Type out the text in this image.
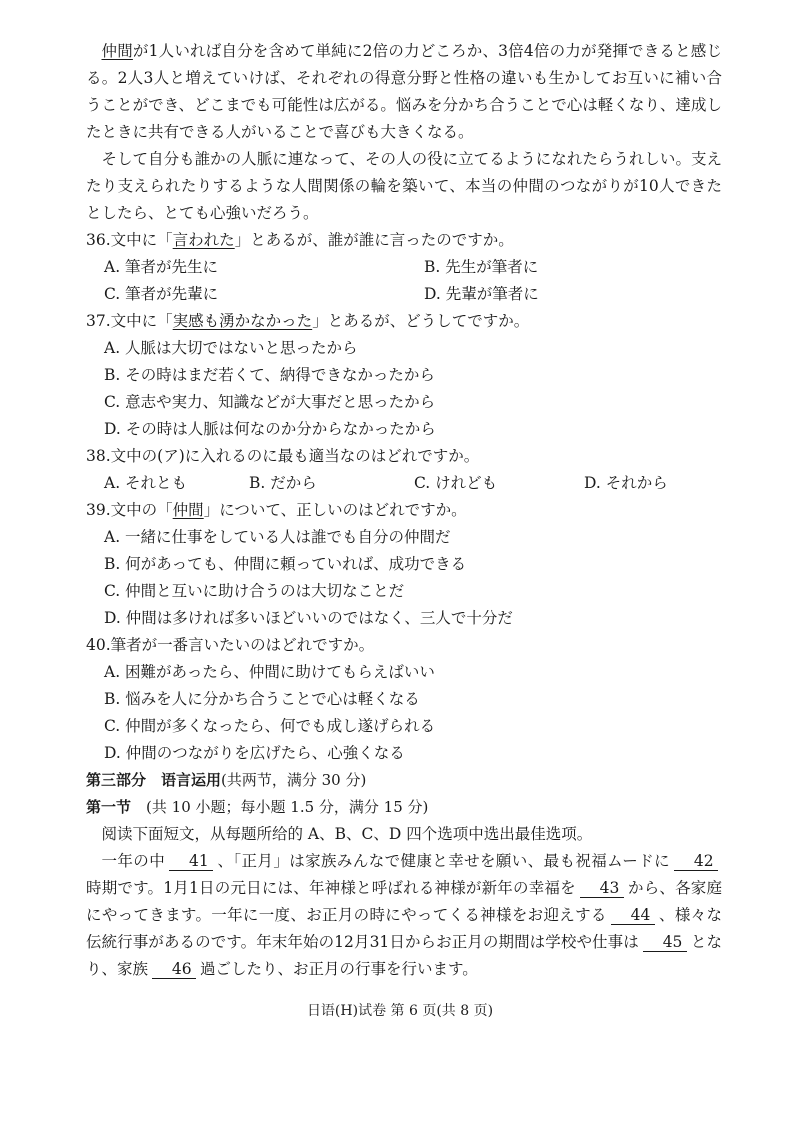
仲間が1人いれば自分を含めて単純に2倍の力どころか、3倍4倍の力が発揮できると感じる。2人3人と増えていけば、それぞれの得意分野と性格の違いも生かしてお互いに補い合うことができ、どこまでも可能性は広がる。悩みを分かち合うことで心は軽くなり、達成したときに共有できる人がいることで喜びも大きくなる。

そして自分も誰かの人脈に連なって、その人の役に立てるようになれたらうれしい。支えたり支えられたりするような人間関係の輪を築いて、本当の仲間のつながりが10人できたとしたら、とても心強いだろう。

36.文中に「言われた」とあるが、誰が誰に言ったのですか。

A. 筆者が先生に	B. 先生が筆者に
C. 筆者が先輩に	D. 先輩が筆者に

37.文中に「実感も湧かなかった」とあるが、どうしてですか。

A. 人脈は大切ではないと思ったから

B. その時はまだ若くて、納得できなかったから

C. 意志や実力、知識などが大事だと思ったから

D. その時は人脈は何なのか分からなかったから

38.文中の(ア)に入れるのに最も適当なのはどれですか。

A. それとも	B. だから	C. けれども	D. それから

39.文中の「仲間」について、正しいのはどれですか。

A. 一緒に仕事をしている人は誰でも自分の仲間だ

B. 何があっても、仲間に頼っていれば、成功できる

C. 仲間と互いに助け合うのは大切なことだ

D. 仲間は多ければ多いほどいいのではなく、三人で十分だ

40.筆者が一番言いたいのはどれですか。

A. 困難があったら、仲間に助けてもらえばいい

B. 悩みを人に分かち合うことで心は軽くなる

C. 仲間が多くなったら、何でも成し遂げられる

D. 仲間のつながりを広げたら、心強くなる

第三部分　语言运用(共两节，满分 30 分)

第一节　 (共 10 小题；每小题 1.5 分，满分 15 分)

阅读下面短文，从每题所给的 A、B、C、D 四个选项中选出最佳选项。

一年の中 41 、「正月」は家族みんなで健康と幸せを願い、最も祝福ムードに 42時期です。1月1日の元日には、年神様と呼ばれる神様が新年の幸福を 43 から、各家庭にやってきます。一年に一度、お正月の時にやってくる神様をお迎えする 44 、様々な伝統行事があるのです。年末年始の12月31日からお正月の期間は学校や仕事は 45 となり、家族 46 過ごしたり、お正月の行事を行います。

日语(H)试卷 第 6 页(共 8 页)
